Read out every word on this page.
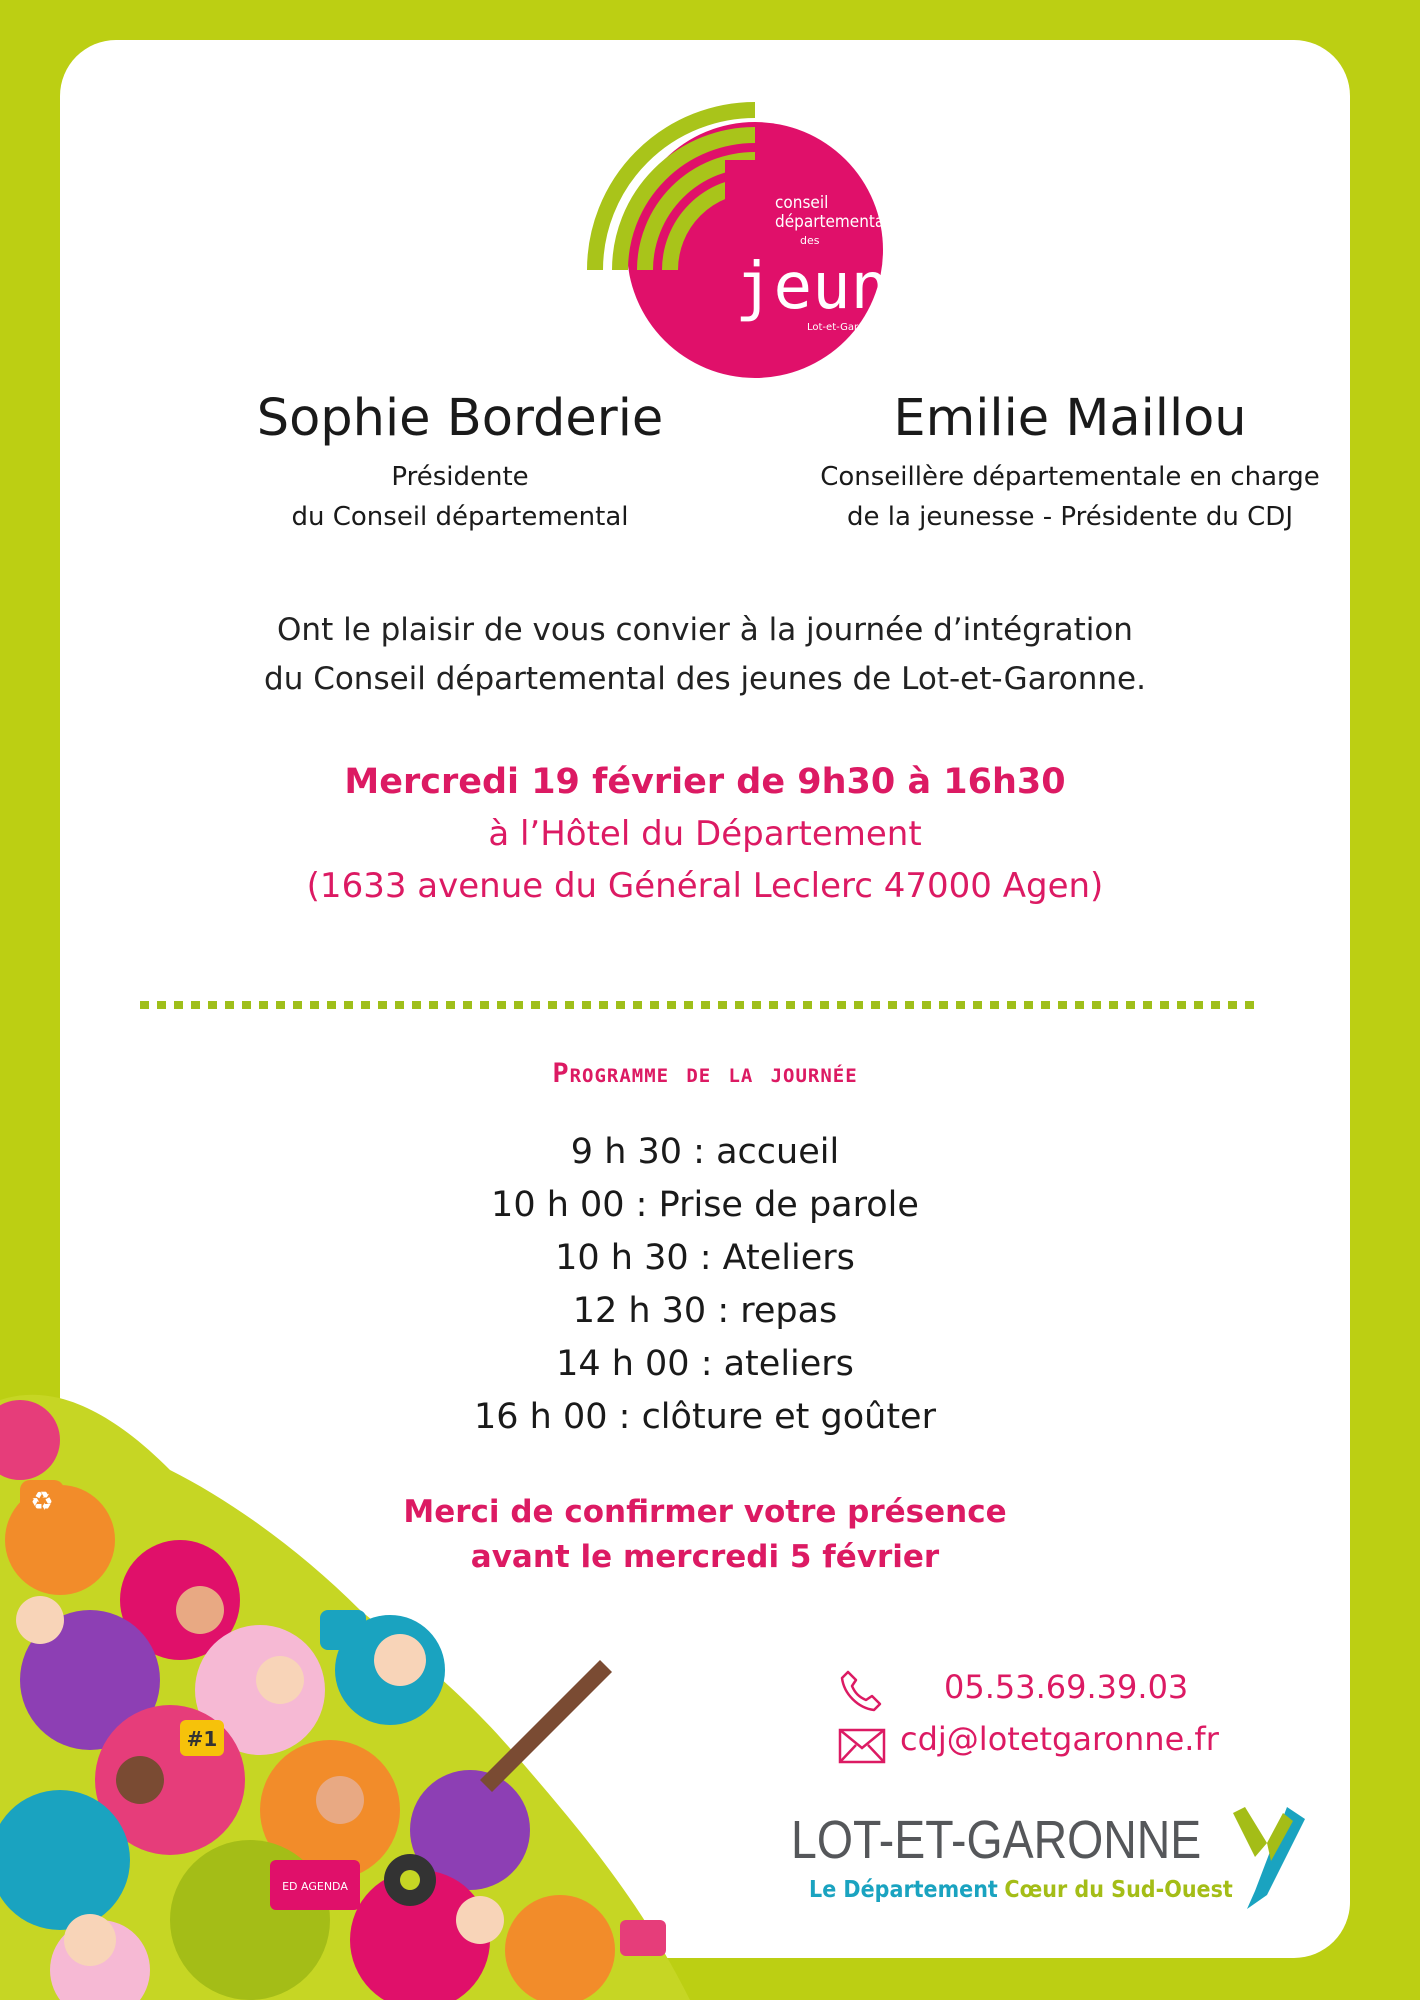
conseil
départemental
des
jeunes
Lot-et-Garonne
Sophie Borderie
Présidente
du Conseil départemental
Emilie Maillou
Conseillère départementale en charge
de la jeunesse - Présidente du CDJ
Ont le plaisir de vous convier à la journée d’intégration
du Conseil départemental des jeunes de Lot-et-Garonne.
Mercredi 19 février de 9h30 à 16h30
à l’Hôtel du Département
(1633 avenue du Général Leclerc 47000 Agen)
Programme de la journée
9 h 30 : accueil
10 h 00 : Prise de parole
10 h 30 : Ateliers
12 h 30 : repas
14 h 00 : ateliers
16 h 00 : clôture et goûter
Merci de confirmer votre présence
avant le mercredi 5 février
05.53.69.39.03
cdj@lotetgaronne.fr
LOT-ET-GARONNE
Le Département Cœur du Sud-Ouest
♻
#1
ED AGENDA
